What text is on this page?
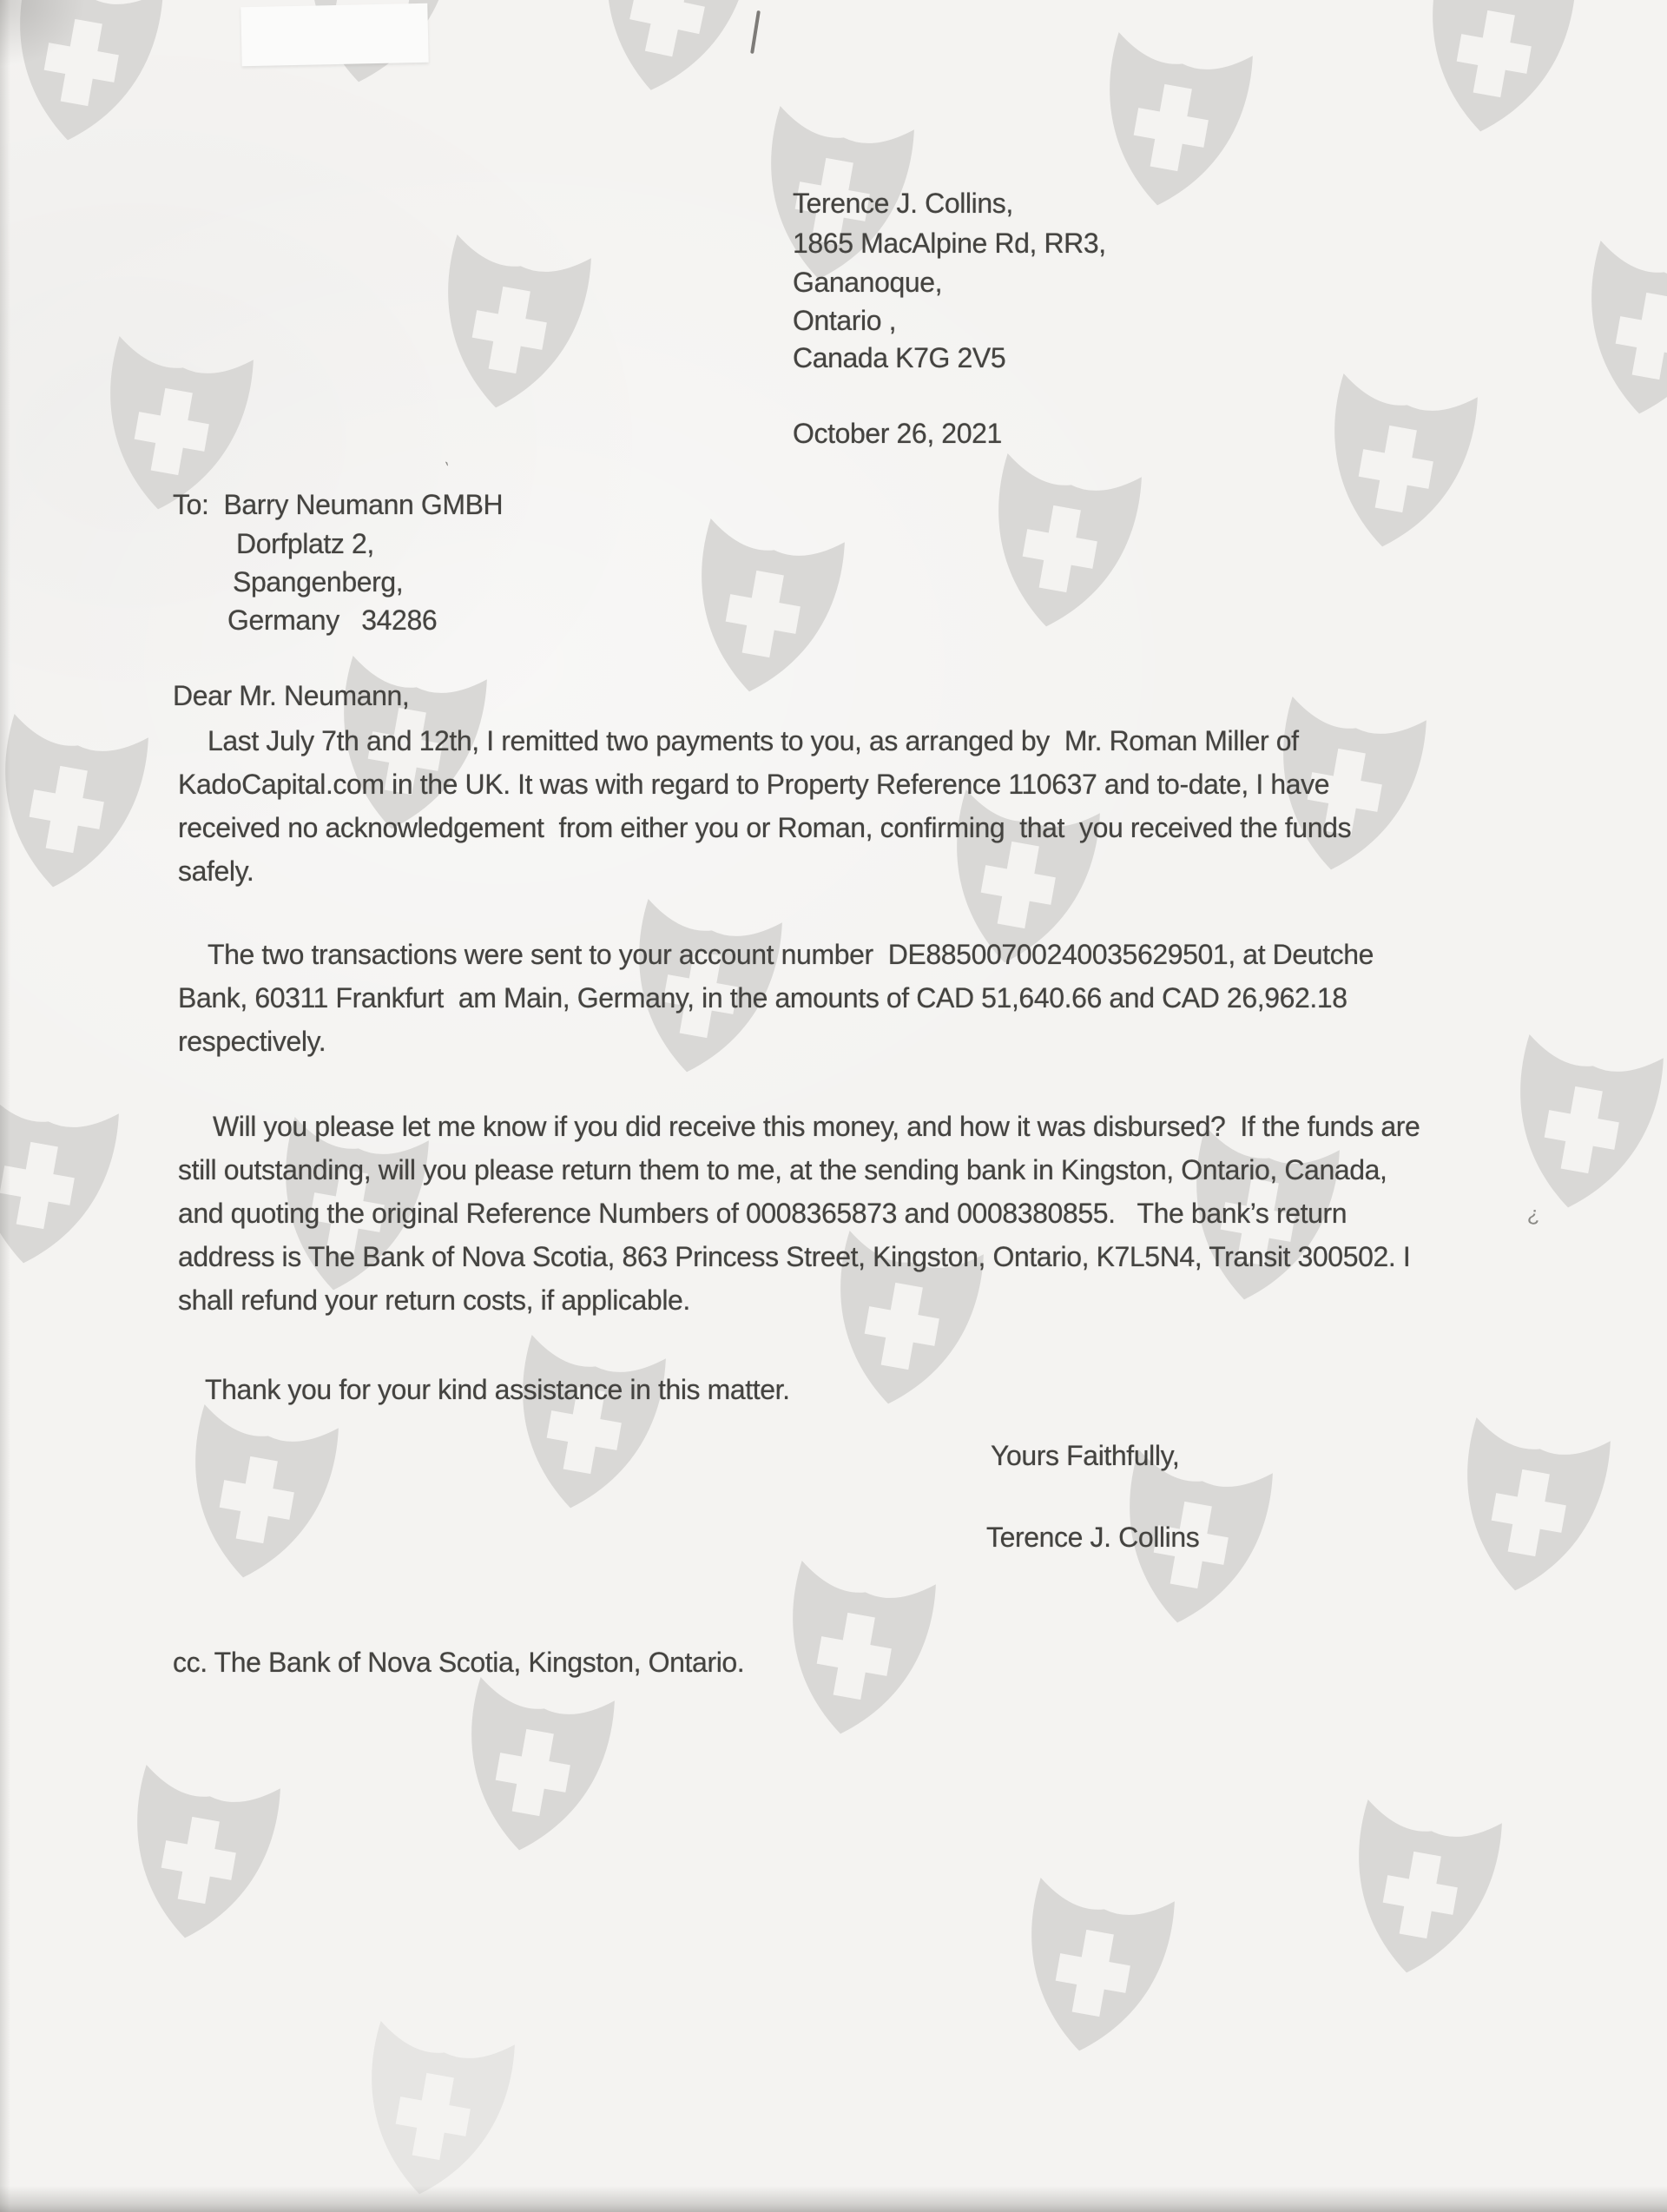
`
?
Terence J. Collins,
1865 MacAlpine Rd, RR3,
Gananoque,
Ontario ,
Canada K7G 2V5
October 26, 2021
To:  Barry Neumann GMBH
Dorfplatz 2,
Spangenberg,
Germany   34286
Dear Mr. Neumann,
Last July 7th and 12th, I remitted two payments to you, as arranged by  Mr. Roman Miller of
KadoCapital.com in the UK. It was with regard to Property Reference 110637 and to-date, I have
received no acknowledgement  from either you or Roman, confirming  that  you received the funds
safely.
The two transactions were sent to your account number  DE88500700240035629501, at Deutche
Bank, 60311 Frankfurt  am Main, Germany, in the amounts of CAD 51,640.66 and CAD 26,962.18
respectively.
Will you please let me know if you did receive this money, and how it was disbursed?  If the funds are
still outstanding, will you please return them to me, at the sending bank in Kingston, Ontario, Canada,
and quoting the original Reference Numbers of 0008365873 and 0008380855.   The bank’s return
address is The Bank of Nova Scotia, 863 Princess Street, Kingston, Ontario, K7L5N4, Transit 300502. I
shall refund your return costs, if applicable.
Thank you for your kind assistance in this matter.
Yours Faithfully,
Terence J. Collins
cc. The Bank of Nova Scotia, Kingston, Ontario.
